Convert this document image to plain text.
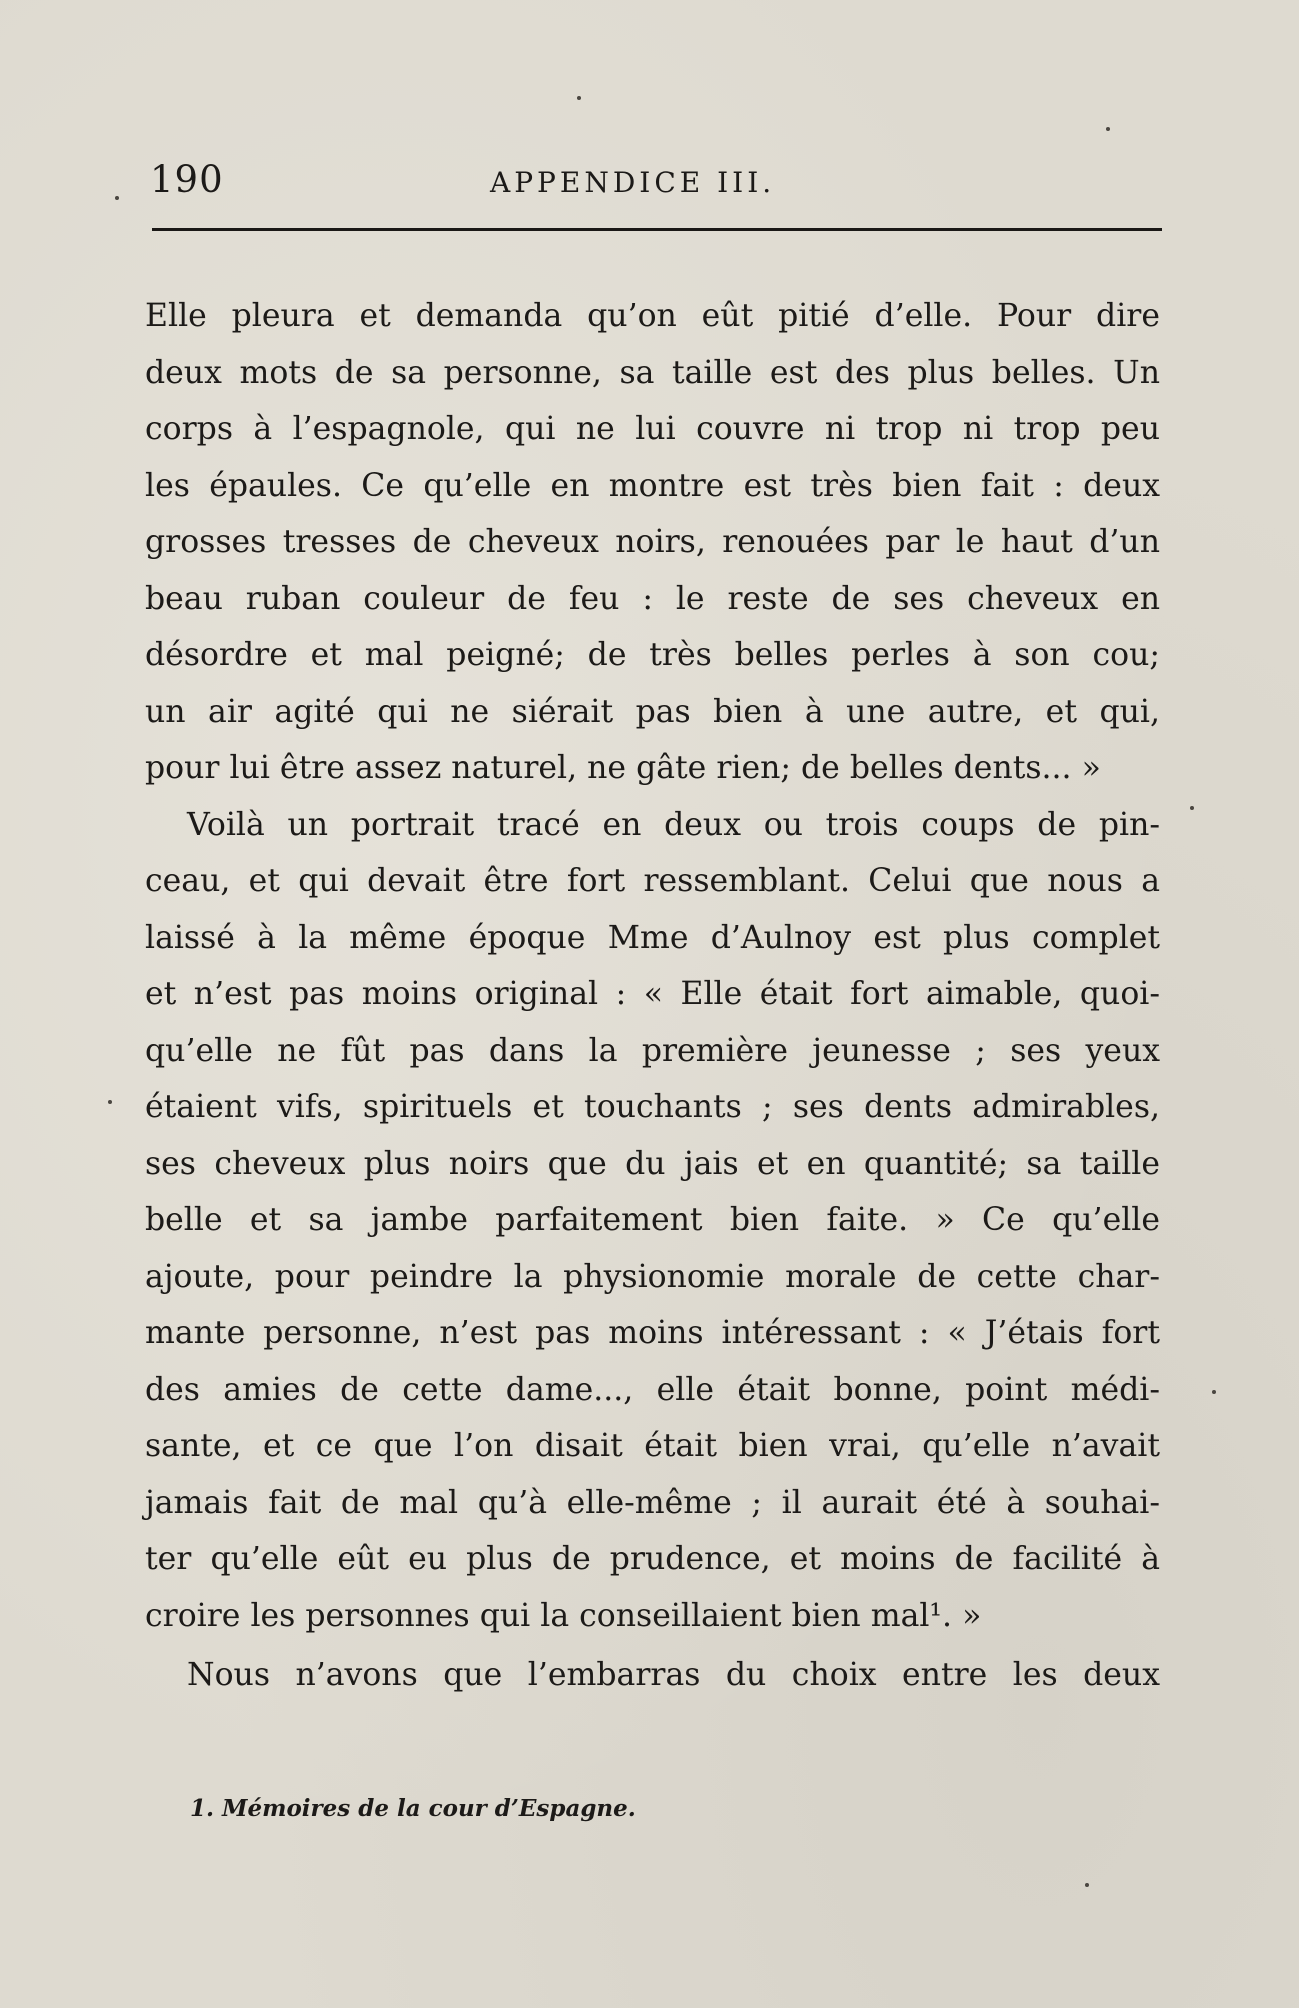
190	APPENDICE III.
Elle pleura et demanda qu’on eût pitié d’elle. Pour dire
deux mots de sa personne, sa taille est des plus belles. Un
corps à l’espagnole, qui ne lui couvre ni trop ni trop peu
les épaules. Ce qu’elle en montre est très bien fait : deux
grosses tresses de cheveux noirs, renouées par le haut d’un
beau ruban couleur de feu : le reste de ses cheveux en
désordre et mal peigné; de très belles perles à son cou;
un air agité qui ne siérait pas bien à une autre, et qui,
pour lui être assez naturel, ne gâte rien; de belles dents... »
Voilà un portrait tracé en deux ou trois coups de pin-
ceau, et qui devait être fort ressemblant. Celui que nous a
laissé à la même époque Mme d’Aulnoy est plus complet
et n’est pas moins original : « Elle était fort aimable, quoi-
qu’elle ne fût pas dans la première jeunesse ; ses yeux
étaient vifs, spirituels et touchants ; ses dents admirables,
ses cheveux plus noirs que du jais et en quantité; sa taille
belle et sa jambe parfaitement bien faite. » Ce qu’elle
ajoute, pour peindre la physionomie morale de cette char-
mante personne, n’est pas moins intéressant : « J’étais fort
des amies de cette dame..., elle était bonne, point médi-
sante, et ce que l’on disait était bien vrai, qu’elle n’avait
jamais fait de mal qu’à elle-même ; il aurait été à souhai-
ter qu’elle eût eu plus de prudence, et moins de facilité à
croire les personnes qui la conseillaient bien mal¹. »
Nous n’avons que l’embarras du choix entre les deux
1. Mémoires de la cour d’Espagne.
